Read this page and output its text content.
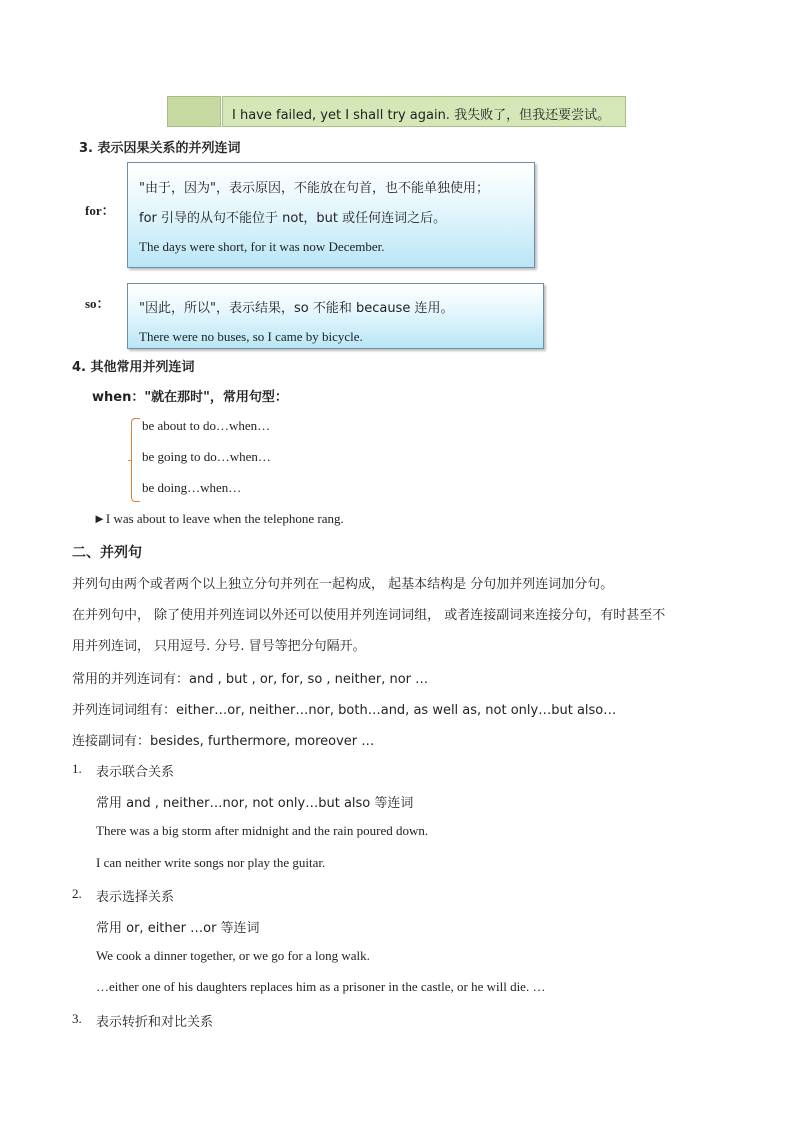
I have failed, yet I shall try again. 我失败了，但我还要尝试。
3. 表示因果关系的并列连词
for：
"由于，因为"，表示原因，不能放在句首，也不能单独使用；
for 引导的从句不能位于 not，but 或任何连词之后。
The days were short, for it was now December.
so： "因此，所以"，表示结果，so 不能和 because 连用。
There were no buses, so I came by bicycle.
4. 其他常用并列连词
when："就在那时"，常用句型：
be about to do…when…
be going to do…when…
be doing…when…
►I was about to leave when the telephone rang.
二、并列句
并列句由两个或者两个以上独立分句并列在一起构成， 起基本结构是 分句加并列连词加分句。
在并列句中， 除了使用并列连词以外还可以使用并列连词词组， 或者连接副词来连接分句，有时甚至不
用并列连词， 只用逗号. 分号. 冒号等把分句隔开。
常用的并列连词有：and , but , or, for, so , neither, nor …
并列连词词组有：either…or, neither…nor, both…and, as well as, not only…but also…
连接副词有：besides, furthermore, moreover …
1. 表示联合关系
常用 and , neither…nor, not only…but also 等连词
There was a big storm after midnight and the rain poured down.
I can neither write songs nor play the guitar.
2. 表示选择关系
常用 or, either …or 等连词
We cook a dinner together, or we go for a long walk.
…either one of his daughters replaces him as a prisoner in the castle, or he will die. …
3. 表示转折和对比关系
